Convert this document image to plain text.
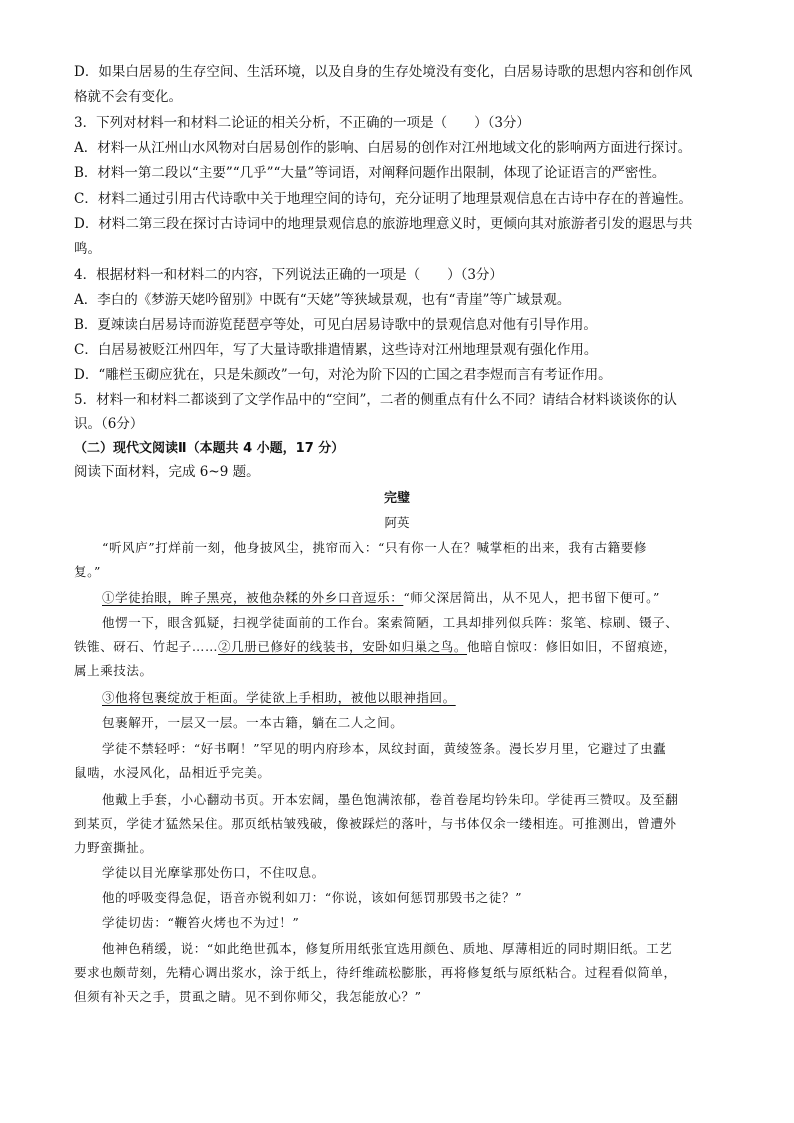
D．如果白居易的生存空间、生活环境，以及自身的生存处境没有变化，白居易诗歌的思想内容和创作风
格就不会有变化。
3．下列对材料一和材料二论证的相关分析，不正确的一项是（　　）（3分）
A．材料一从江州山水风物对白居易创作的影响、白居易的创作对江州地域文化的影响两方面进行探讨。
B．材料一第二段以“主要”“几乎”“大量”等词语，对阐释问题作出限制，体现了论证语言的严密性。
C．材料二通过引用古代诗歌中关于地理空间的诗句，充分证明了地理景观信息在古诗中存在的普遍性。
D．材料二第三段在探讨古诗词中的地理景观信息的旅游地理意义时，更倾向其对旅游者引发的遐思与共
鸣。
4．根据材料一和材料二的内容，下列说法正确的一项是（　　）（3分）
A．李白的《梦游天姥吟留别》中既有“天姥”等狭域景观，也有“青崖”等广域景观。
B．夏竦读白居易诗而游览琵琶亭等处，可见白居易诗歌中的景观信息对他有引导作用。
C．白居易被贬江州四年，写了大量诗歌排遣情累，这些诗对江州地理景观有强化作用。
D．“雕栏玉砌应犹在，只是朱颜改”一句，对沦为阶下囚的亡国之君李煜而言有考证作用。
5．材料一和材料二都谈到了文学作品中的“空间”，二者的侧重点有什么不同？请结合材料谈谈你的认
识。（6分）
（二）现代文阅读Ⅱ（本题共 4 小题，17 分）
阅读下面材料，完成 6~9 题。
完璧
阿英
“听风庐”打烊前一刻，他身披风尘，挑帘而入：“只有你一人在？喊掌柜的出来，我有古籍要修
复。”
①学徒抬眼，眸子黑亮，被他杂糅的外乡口音逗乐：“师父深居简出，从不见人，把书留下便可。”
他愣一下，眼含狐疑，扫视学徒面前的工作台。案索简陋，工具却排列似兵阵：浆笔、棕刷、镊子、
铁锥、砑石、竹起子……②几册已修好的线装书，安卧如归巢之鸟。他暗自惊叹：修旧如旧，不留痕迹，
属上乘技法。
③他将包裹绽放于柜面。学徒欲上手相助，被他以眼神指回。
包裹解开，一层又一层。一本古籍，躺在二人之间。
学徒不禁轻呼：“好书啊！”罕见的明内府珍本，凤纹封面，黄绫签条。漫长岁月里，它避过了虫蠹
鼠啮，水浸风化，品相近乎完美。
他戴上手套，小心翻动书页。开本宏阔，墨色饱满浓郁，卷首卷尾均钤朱印。学徒再三赞叹。及至翻
到某页，学徒才猛然呆住。那页纸枯皱残破，像被踩烂的落叶，与书体仅余一缕相连。可推测出，曾遭外
力野蛮撕扯。
学徒以目光摩挲那处伤口，不住叹息。
他的呼吸变得急促，语音亦锐利如刀：“你说，该如何惩罚那毁书之徒？”
学徒切齿：“鞭笞火烤也不为过！”
他神色稍缓，说：“如此绝世孤本，修复所用纸张宜选用颜色、质地、厚薄相近的同时期旧纸。工艺
要求也颇苛刻，先精心调出浆水，涂于纸上，待纤维疏松膨胀，再将修复纸与原纸粘合。过程看似简单，
但须有补天之手，贯虱之睛。见不到你师父，我怎能放心？”
